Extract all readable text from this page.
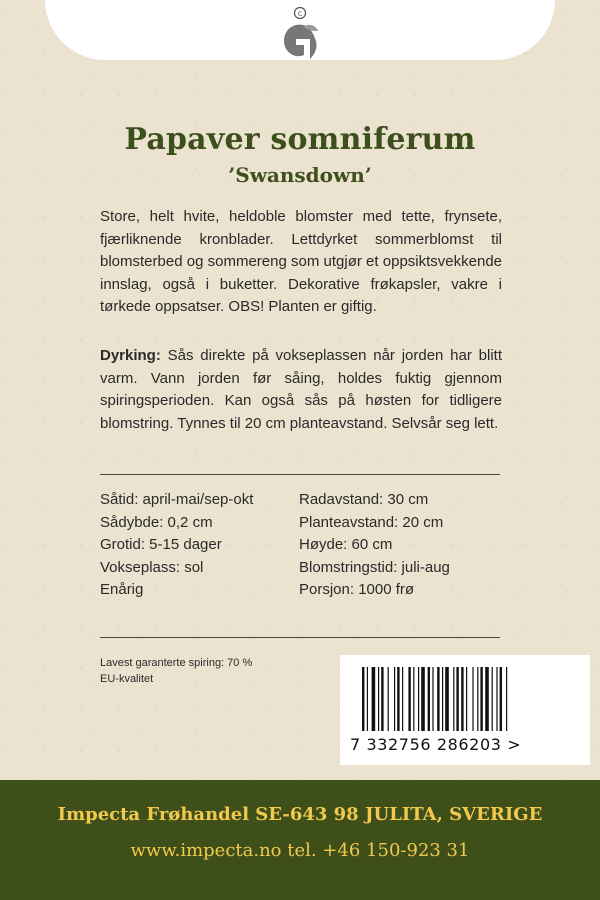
c
Papaver somniferum
’Swansdown’
Store, helt hvite, heldoble blomster med tette, frynsete, fjærliknende kronblader. Lettdyrket sommerblomst til blomsterbed og sommereng som utgjør et oppsiktsvekkende innslag, også i buketter. Dekorative frøkapsler, vakre i tørkede oppsatser. OBS! Planten er giftig.
Dyrking: Sås direkte på vokseplassen når jorden har blitt varm. Vann jorden før såing, holdes fuktig gjennom spiringsperioden. Kan også sås på høsten for tidligere blomstring. Tynnes til 20 cm planteavstand. Selvsår seg lett.
Såtid: april-mai/sep-okt
Sådybde: 0,2 cm
Grotid: 5-15 dager
Vokseplass: sol
Enårig
Radavstand: 30 cm
Planteavstand: 20 cm
Høyde: 60 cm
Blomstringstid: juli-aug
Porsjon: 1000 frø
Lavest garanterte spiring: 70 %
EU-kvalitet
7 332756 286203 >
Impecta Frøhandel SE-643 98 JULITA, SVERIGE
www.impecta.no tel. +46 150-923 31
